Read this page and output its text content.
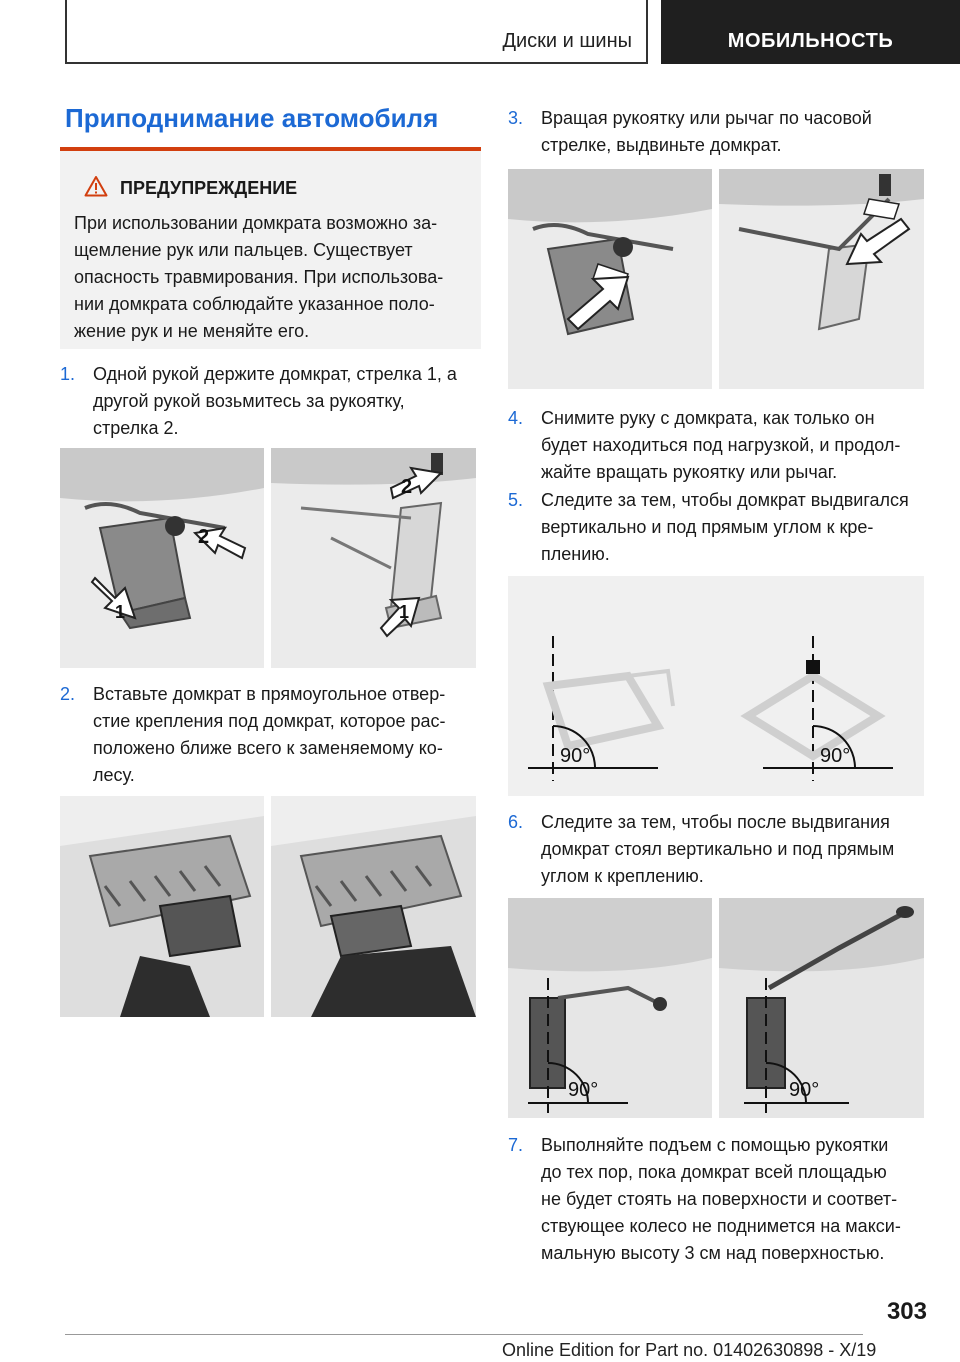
Диски и шины	МОБИЛЬНОСТЬ
Приподнимание автомобиля
ПРЕДУПРЕЖДЕНИЕ
При использовании домкрата возможно за-
щемление рук или пальцев. Существует
опасность травмирования. При использова-
нии домкрата соблюдайте указанное поло-
жение рук и не меняйте его.
1. Одной рукой держите домкрат, стрелка 1, а
другой рукой возьмитесь за рукоятку,
стрелка 2.
1
2
2
1
2. Вставьте домкрат в прямоугольное отвер-
стие крепления под домкрат, которое рас-
положено ближе всего к заменяемому ко-
лесу.
3. Вращая рукоятку или рычаг по часовой
стрелке, выдвиньте домкрат.
4. Снимите руку с домкрата, как только он
будет находиться под нагрузкой, и продол-
жайте вращать рукоятку или рычаг.
5. Следите за тем, чтобы домкрат выдвигался
вертикально и под прямым углом к кре-
плению.
90°	90°
6. Следите за тем, чтобы после выдвигания
домкрат стоял вертикально и под прямым
углом к креплению.
90°	90°
7. Выполняйте подъем с помощью рукоятки
до тех пор, пока домкрат всей площадью
не будет стоять на поверхности и соответ-
ствующее колесо не поднимется на макси-
мальную высоту 3 см над поверхностью.
303
Online Edition for Part no. 01402630898 - X/19
